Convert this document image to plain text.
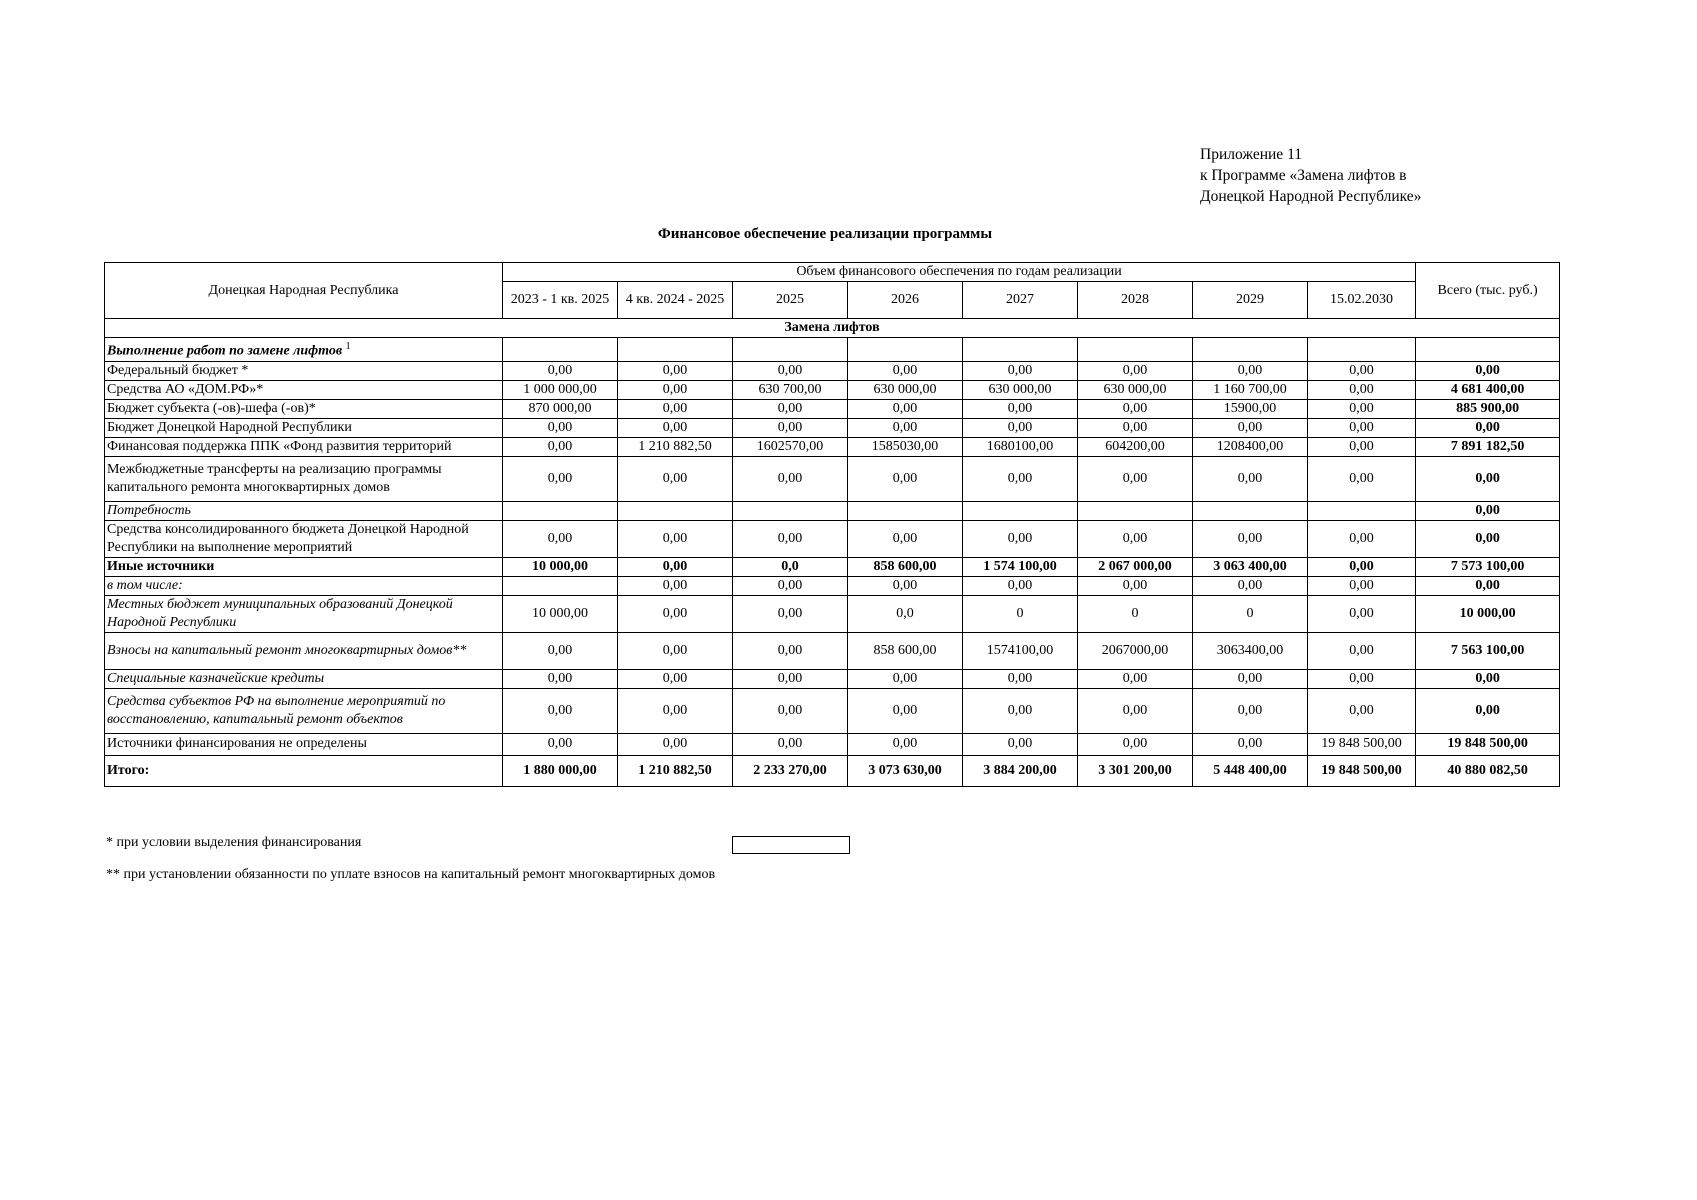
Приложение 11
к Программе «Замена лифтов в
Донецкой Народной Республике»
Финансовое обеспечение реализации программы
Донецкая Народная Республика	Объем финансового обеспечения по годам реализации								Всего (тыс. руб.)
	2023 - 1 кв. 2025	4 кв. 2024 - 2025	2025	2026	2027	2028	2029	15.02.2030	
Замена лифтов									
Выполнение работ по замене лифтов $^1$									
Федеральный бюджет *	0,00	0,00	0,00	0,00	0,00	0,00	0,00	0,00	0,00
Средства АО «ДОМ.РФ»*	1 000 000,00	0,00	630 700,00	630 000,00	630 000,00	630 000,00	1 160 700,00	0,00	4 681 400,00
Бюджет субъекта (-ов)-шефа (-ов)*	870 000,00	0,00	0,00	0,00	0,00	0,00	15900,00	0,00	885 900,00
Бюджет Донецкой Народной Республики	0,00	0,00	0,00	0,00	0,00	0,00	0,00	0,00	0,00
Финансовая поддержка ППК «Фонд развития территорий	0,00	1 210 882,50	1602570,00	1585030,00	1680100,00	604200,00	1208400,00	0,00	7 891 182,50
Межбюджетные трансферты на реализацию программы капитального ремонта многоквартирных домов	0,00	0,00	0,00	0,00	0,00	0,00	0,00	0,00	0,00
Потребность									0,00
Средства консолидированного бюджета Донецкой Народной Республики на выполнение мероприятий	0,00	0,00	0,00	0,00	0,00	0,00	0,00	0,00	0,00
Иные источники	10 000,00	0,00	0,0	858 600,00	1 574 100,00	2 067 000,00	3 063 400,00	0,00	7 573 100,00
в том числе:		0,00	0,00	0,00	0,00	0,00	0,00	0,00	0,00
Местных бюджет муниципальных образований Донецкой Народной Республики	10 000,00	0,00	0,00	0,0	0	0	0	0,00	10 000,00
Взносы на капитальный ремонт многоквартирных домов**	0,00	0,00	0,00	858 600,00	1574100,00	2067000,00	3063400,00	0,00	7 563 100,00
Специальные казначейские кредиты	0,00	0,00	0,00	0,00	0,00	0,00	0,00	0,00	0,00
Средства субъектов РФ на выполнение мероприятий по восстановлению, капитальный ремонт объектов	0,00	0,00	0,00	0,00	0,00	0,00	0,00	0,00	0,00
Источники финансирования не определены	0,00	0,00	0,00	0,00	0,00	0,00	0,00	19 848 500,00	19 848 500,00
Итого:	1 880 000,00	1 210 882,50	2 233 270,00	3 073 630,00	3 884 200,00	3 301 200,00	5 448 400,00	19 848 500,00	40 880 082,50
* при условии выделения финансирования
** при установлении обязанности по уплате взносов на капитальный ремонт многоквартирных домов
